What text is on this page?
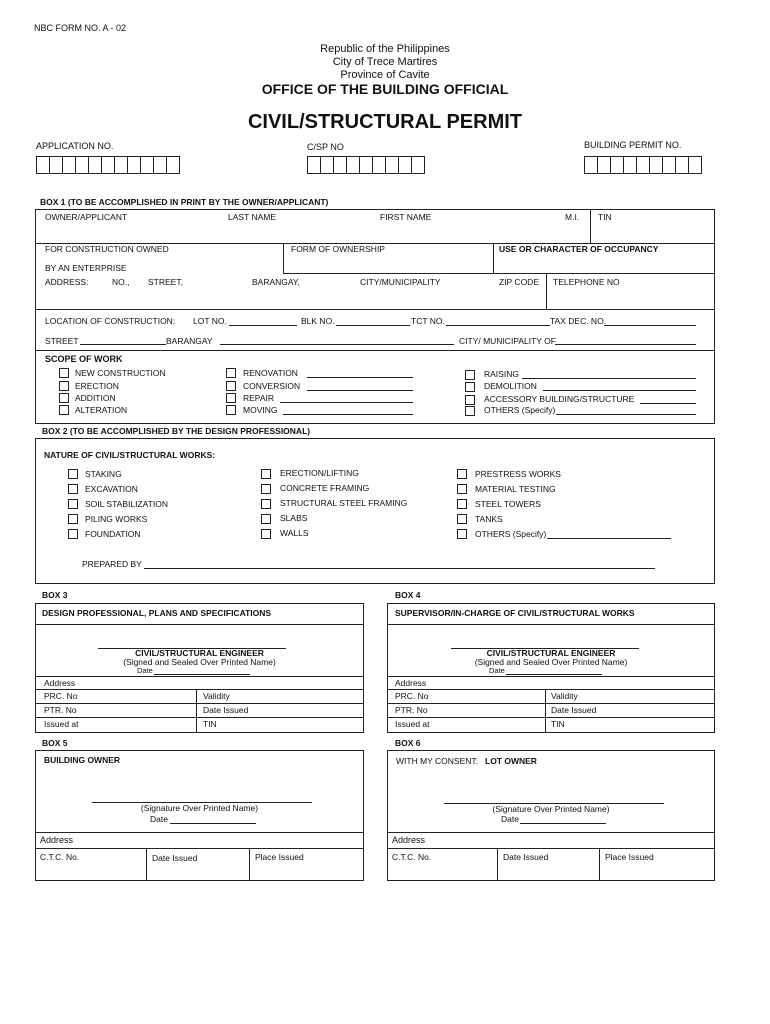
NBC FORM NO. A - 02
Republic of the Philippines
City of Trece Martires
Province of Cavite
OFFICE OF THE BUILDING OFFICIAL
CIVIL/STRUCTURAL PERMIT
APPLICATION NO.	C/SP NO	BUILDING PERMIT NO.
BOX 1 (TO BE ACCOMPLISHED IN PRINT BY THE OWNER/APPLICANT)
OWNER/APPLICANT	LAST NAME	FIRST NAME	M.I. TIN
FOR CONSTRUCTION OWNED
BY AN ENTERPRISE
FORM OF OWNERSHIP	USE OR CHARACTER OF OCCUPANCY
ADDRESS:	NO., STREET,	BARANGAY,	CITY/MUNICIPALITY	ZIP CODE TELEPHONE NO
LOCATION OF CONSTRUCTION: LOT NO.	BLK NO.	TCT NO.	TAX DEC. NO.
STREET	BARANGAY	CITY/ MUNICIPALITY OF
SCOPE OF WORK
NEW CONSTRUCTION
ERECTION
ADDITION
ALTERATION
RENOVATION
CONVERSION
REPAIR
MOVING
RAISING
DEMOLITION
ACCESSORY BUILDING/STRUCTURE
OTHERS (Specify)
BOX 2 (TO BE ACCOMPLISHED BY THE DESIGN PROFESSIONAL)
NATURE OF CIVIL/STRUCTURAL WORKS:
STAKING
EXCAVATION
SOIL STABILIZATION
PILING WORKS
FOUNDATION
ERECTION/LIFTING
CONCRETE FRAMING
STRUCTURAL STEEL FRAMING
SLABS
WALLS
PRESTRESS WORKS
MATERIAL TESTING
STEEL TOWERS
TANKS
OTHERS (Specify)
PREPARED BY
BOX 3
DESIGN PROFESSIONAL, PLANS AND SPECIFICATIONS
CIVIL/STRUCTURAL ENGINEER
(Signed and Sealed Over Printed Name)
Date
Address
PRC. No	Validity
PTR. No	Date Issued
Issued at	TIN
BOX 4
SUPERVISOR/IN-CHARGE OF CIVIL/STRUCTURAL WORKS
CIVIL/STRUCTURAL ENGINEER
(Signed and Sealed Over Printed Name)
Date
Address
PRC. No	Validity
PTR. No	Date Issued
Issued at	TIN
BOX 5
BUILDING OWNER
(Signature Over Printed Name)
Date
Address
C.T.C. No.	Date Issued	Place Issued
BOX 6
WITH MY CONSENT: LOT OWNER
(Signature Over Printed Name)
Date
Address
C.T.C. No.	Date Issued	Place Issued
